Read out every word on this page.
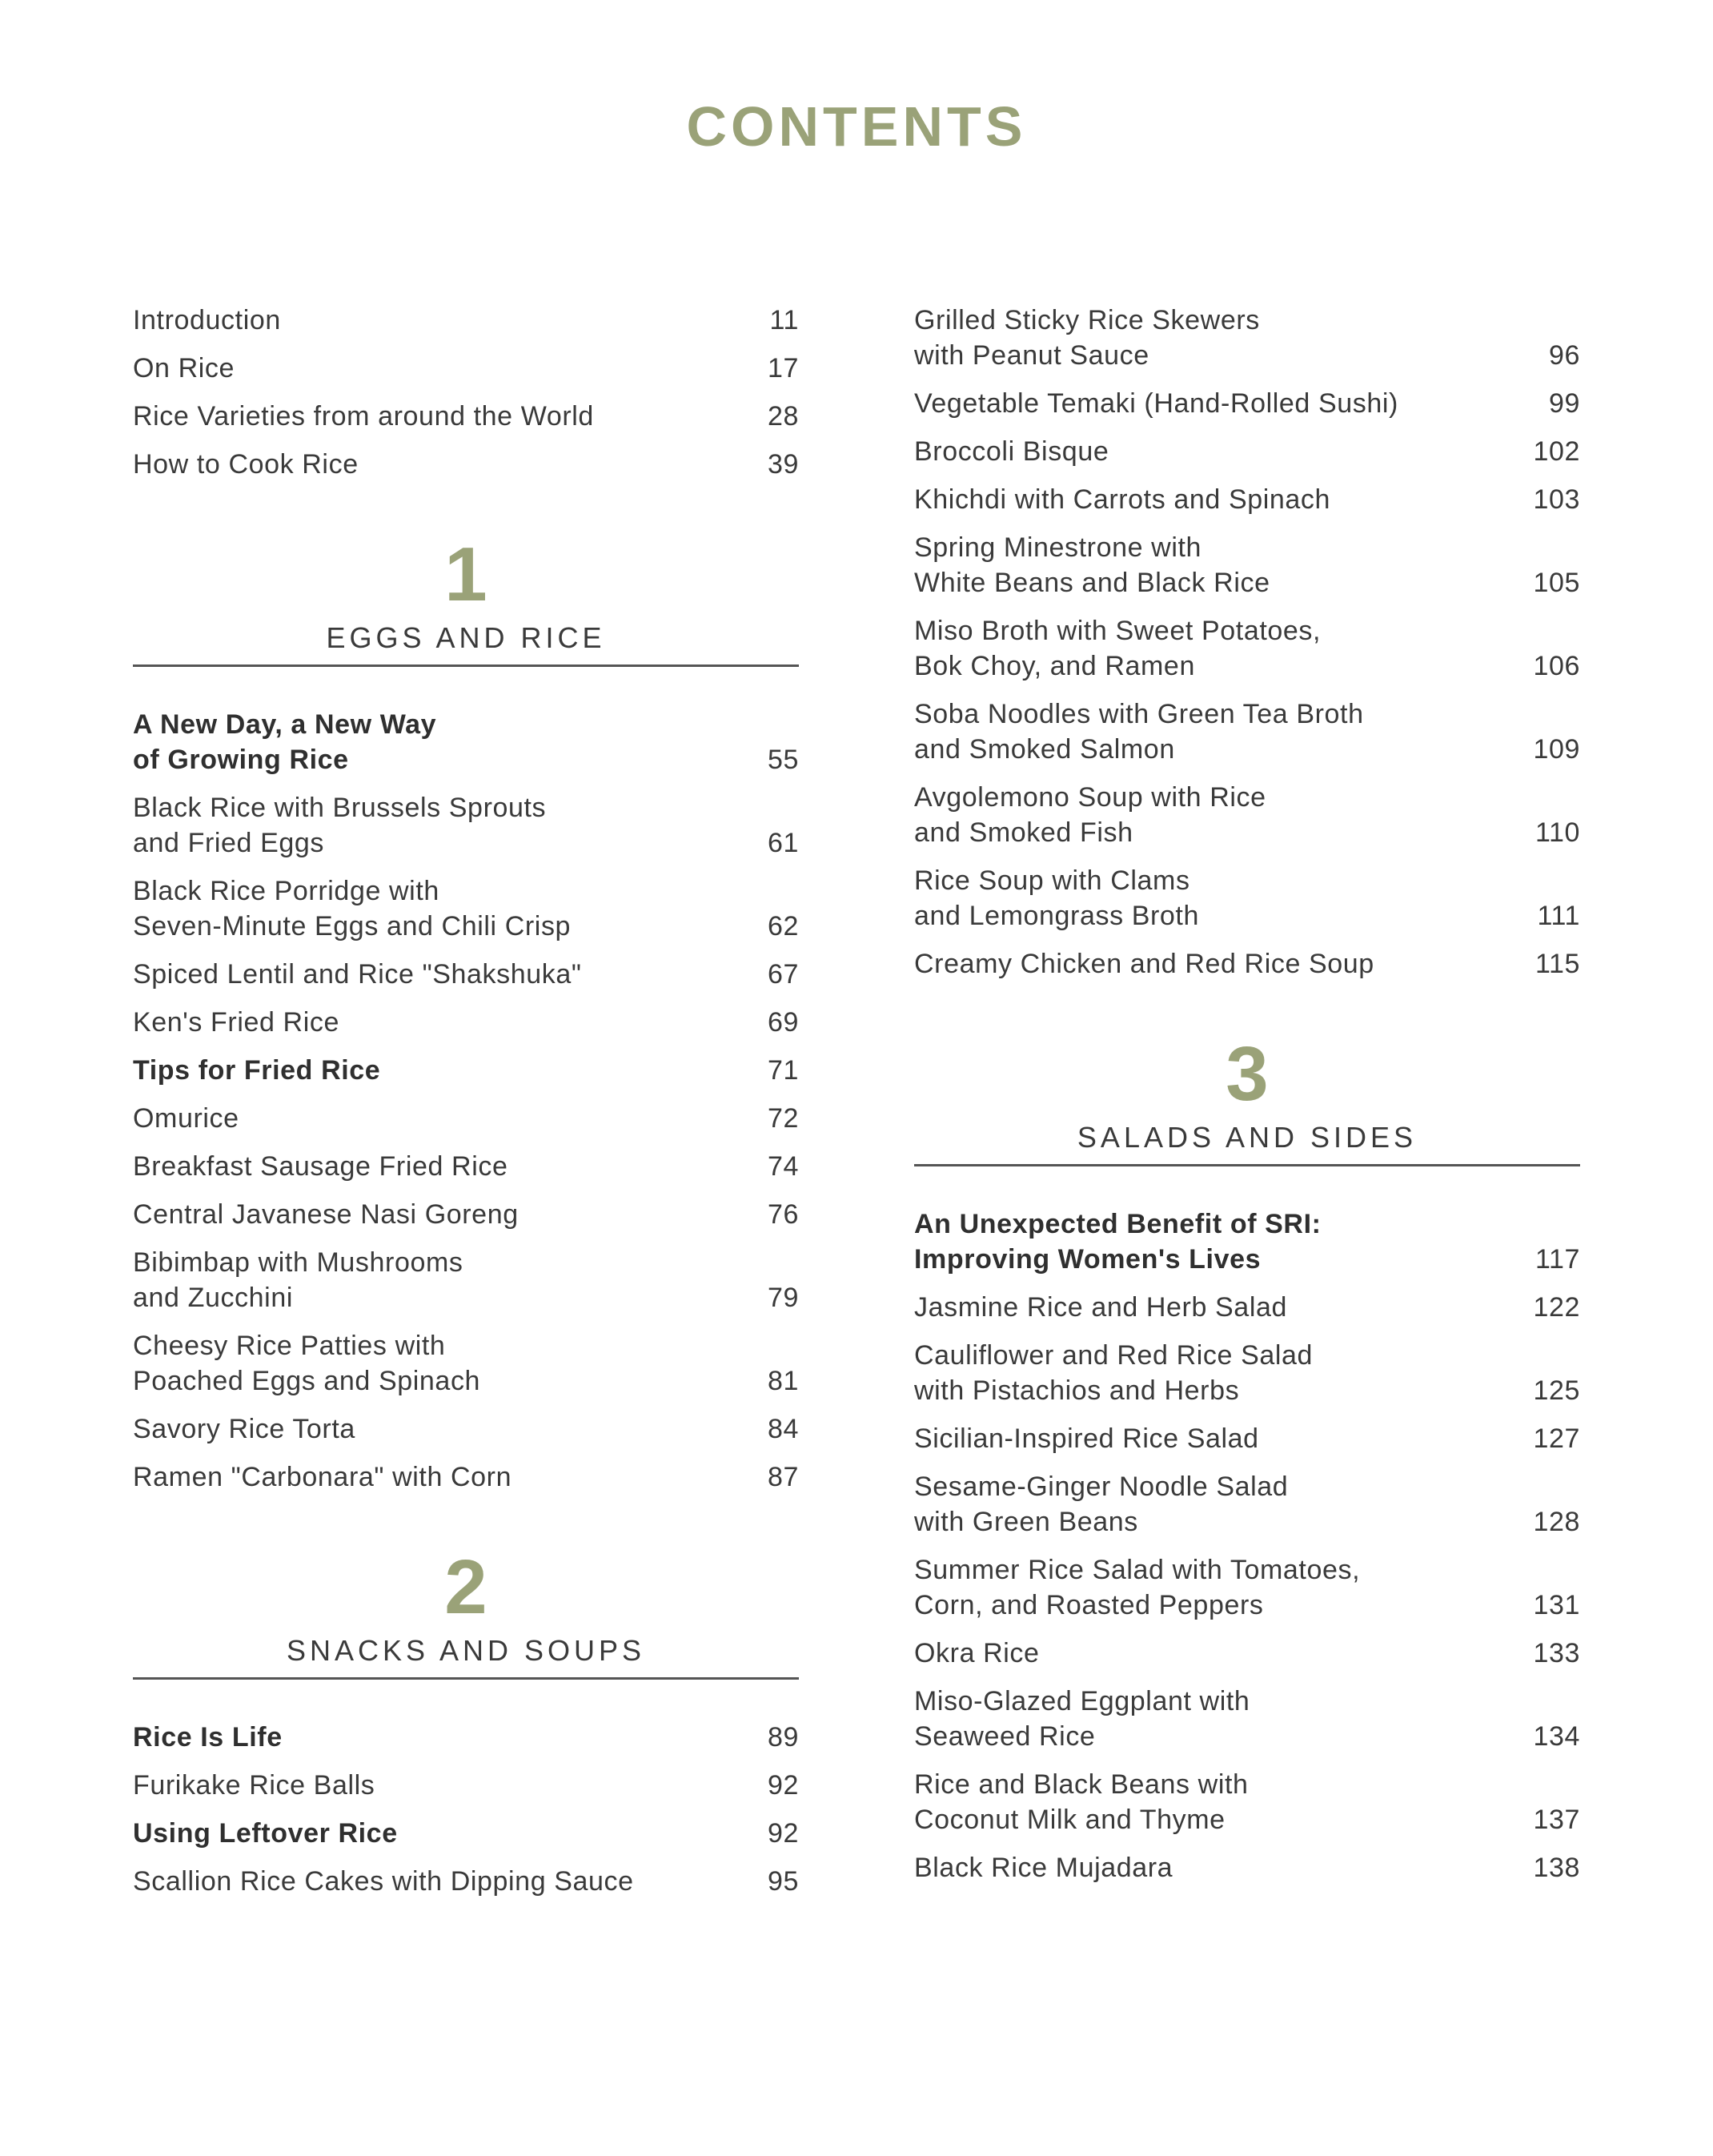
CONTENTS
Introduction	11
On Rice	17
Rice Varieties from around the World	28
How to Cook Rice	39
1
EGGS AND RICE
A New Day, a New Way
of Growing Rice	55
Black Rice with Brussels Sprouts
and Fried Eggs	61
Black Rice Porridge with
Seven-Minute Eggs and Chili Crisp	62
Spiced Lentil and Rice "Shakshuka"	67
Ken's Fried Rice	69
Tips for Fried Rice	71
Omurice	72
Breakfast Sausage Fried Rice	74
Central Javanese Nasi Goreng	76
Bibimbap with Mushrooms
and Zucchini	79
Cheesy Rice Patties with
Poached Eggs and Spinach	81
Savory Rice Torta	84
Ramen "Carbonara" with Corn	87
2
SNACKS AND SOUPS
Rice Is Life	89
Furikake Rice Balls	92
Using Leftover Rice	92
Scallion Rice Cakes with Dipping Sauce	95
Grilled Sticky Rice Skewers
with Peanut Sauce	96
Vegetable Temaki (Hand-Rolled Sushi)	99
Broccoli Bisque	102
Khichdi with Carrots and Spinach	103
Spring Minestrone with
White Beans and Black Rice	105
Miso Broth with Sweet Potatoes,
Bok Choy, and Ramen	106
Soba Noodles with Green Tea Broth
and Smoked Salmon	109
Avgolemono Soup with Rice
and Smoked Fish	110
Rice Soup with Clams
and Lemongrass Broth	111
Creamy Chicken and Red Rice Soup	115
3
SALADS AND SIDES
An Unexpected Benefit of SRI:
Improving Women's Lives	117
Jasmine Rice and Herb Salad	122
Cauliflower and Red Rice Salad
with Pistachios and Herbs	125
Sicilian-Inspired Rice Salad	127
Sesame-Ginger Noodle Salad
with Green Beans	128
Summer Rice Salad with Tomatoes,
Corn, and Roasted Peppers	131
Okra Rice	133
Miso-Glazed Eggplant with
Seaweed Rice	134
Rice and Black Beans with
Coconut Milk and Thyme	137
Black Rice Mujadara	138
